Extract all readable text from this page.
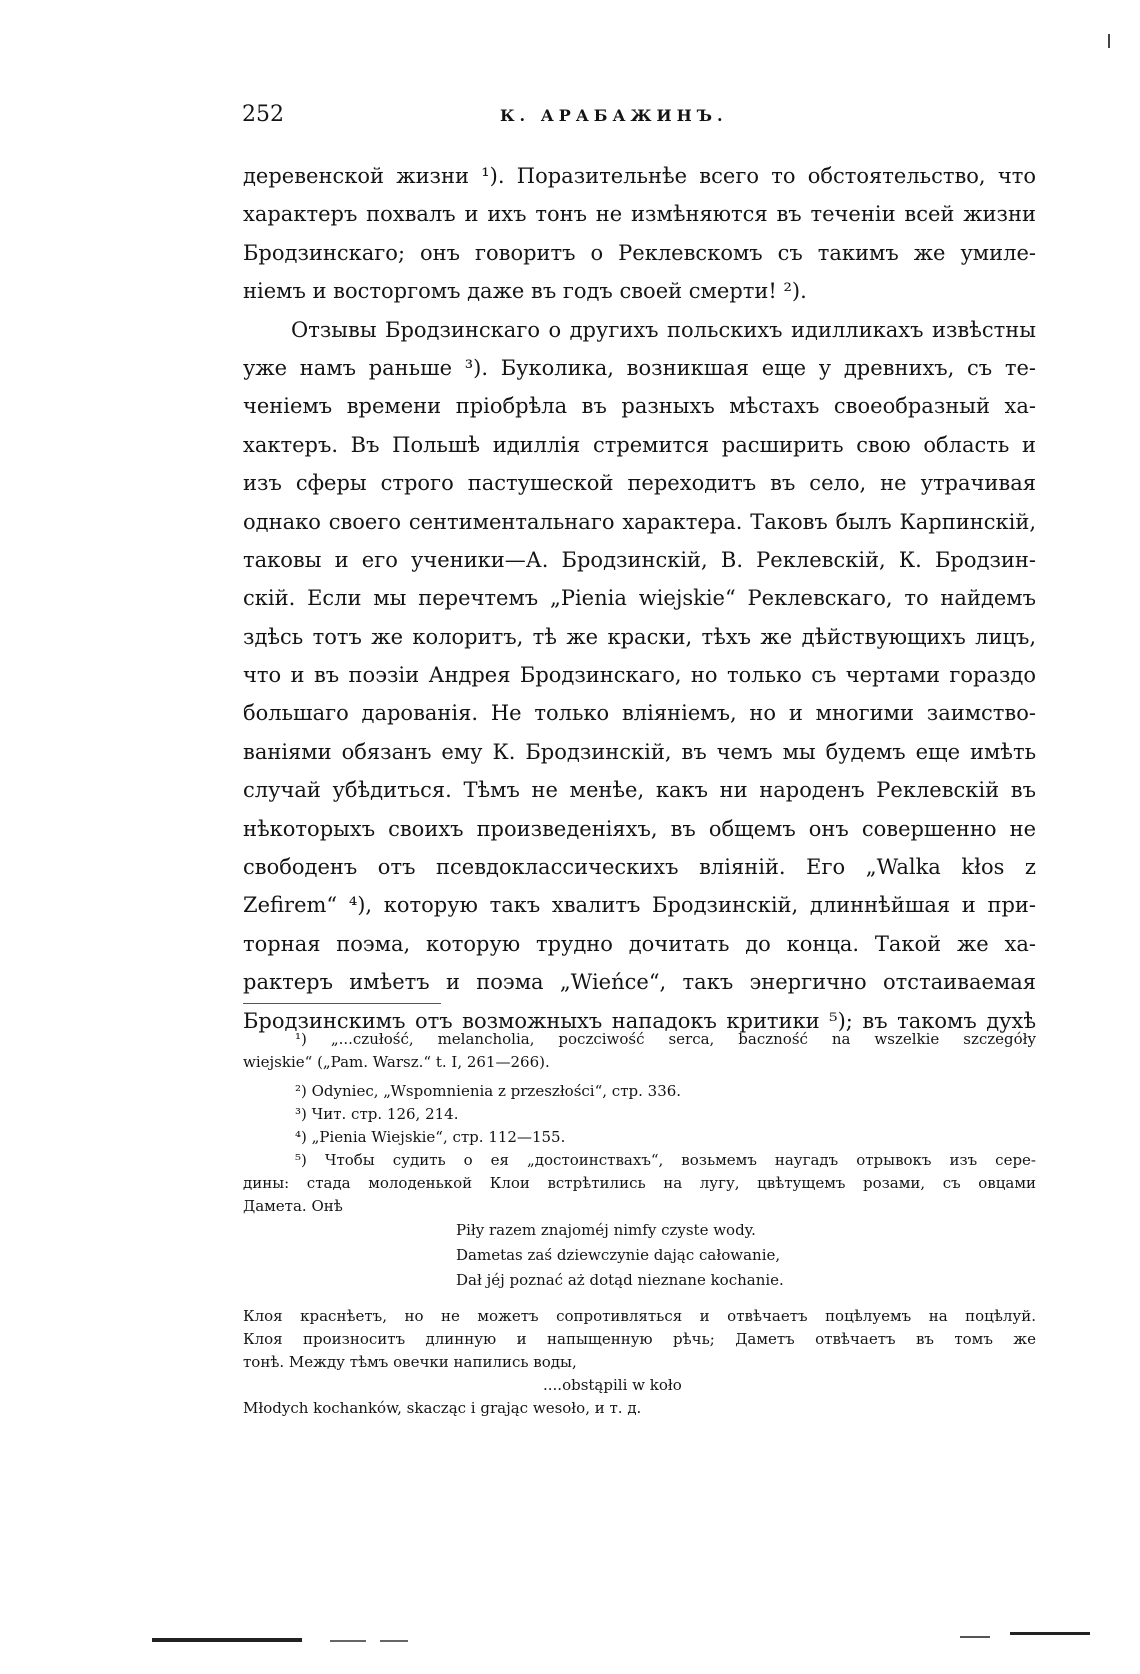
252	К. АРАБАЖИНЪ.
деревенской жизни ¹). Поразительнѣе всего то обстоятельство, что
характеръ похвалъ и ихъ тонъ не измѣняются въ теченіи всей жизни
Бродзинскаго; онъ говоритъ о Реклевскомъ съ такимъ же умиле-
ніемъ и восторгомъ даже въ годъ своей смерти! ²).
Отзывы Бродзинскаго о другихъ польскихъ идилликахъ извѣстны
уже намъ раньше ³). Буколика, возникшая еще у древнихъ, съ те-
ченіемъ времени пріобрѣла въ разныхъ мѣстахъ своеобразный ха-
хактеръ. Въ Польшѣ идиллія стремится расширить свою область и
изъ сферы строго пастушеской переходитъ въ село, не утрачивая
однако своего сентиментальнаго характера. Таковъ былъ Карпинскій,
таковы и его ученики—А. Бродзинскій, В. Реклевскій, К. Бродзин-
скій. Если мы перечтемъ „Pienia wiejskie“ Реклевскаго, то найдемъ
здѣсь тотъ же колоритъ, тѣ же краски, тѣхъ же дѣйствующихъ лицъ,
что и въ поэзіи Андрея Бродзинскаго, но только съ чертами гораздо
большаго дарованія. Не только вліяніемъ, но и многими заимство-
ваніями обязанъ ему К. Бродзинскій, въ чемъ мы будемъ еще имѣть
случай убѣдиться. Тѣмъ не менѣе, какъ ни народенъ Реклевскій въ
нѣкоторыхъ своихъ произведеніяхъ, въ общемъ онъ совершенно не
свободенъ отъ псевдоклассическихъ вліяній. Его „Walka kłos z
Zefirem“ ⁴), которую такъ хвалитъ Бродзинскій, длиннѣйшая и при-
торная поэма, которую трудно дочитать до конца. Такой же ха-
рактеръ имѣетъ и поэма „Wieńce“, такъ энергично отстаиваемая
Бродзинскимъ отъ возможныхъ нападокъ критики ⁵); въ такомъ духѣ
¹) „...czułość, melancholia, poczciwość serca, baczność na wszelkie szczegóły
wiejskie“ („Pam. Warsz.“ t. I, 261—266).
²) Odyniec, „Wspomnienia z przeszłości“, стр. 336.
³) Чит. стр. 126, 214.
⁴) „Pienia Wiejskie“, стр. 112—155.
⁵) Чтобы судить о ея „достоинствахъ“, возьмемъ наугадъ отрывокъ изъ сере-
дины: стада молоденькой Клои встрѣтились на лугу, цвѣтущемъ розами, съ овцами
Дамета. Онѣ
Piły razem znajoméj nimfy czyste wody.
Dametas zaś dziewczynie dając całowanie,
Dał jéj poznać aż dotąd nieznane kochanie.
Клоя краснѣетъ, но не можетъ сопротивляться и отвѣчаетъ поцѣлуемъ на поцѣлуй.
Клоя произноситъ длинную и напыщенную рѣчь; Даметъ отвѣчаетъ въ томъ же
тонѣ. Между тѣмъ овечки напились воды,
....obstąpili w koło
Młodych kochanków, skacząc i grając wesoło, и т. д.
